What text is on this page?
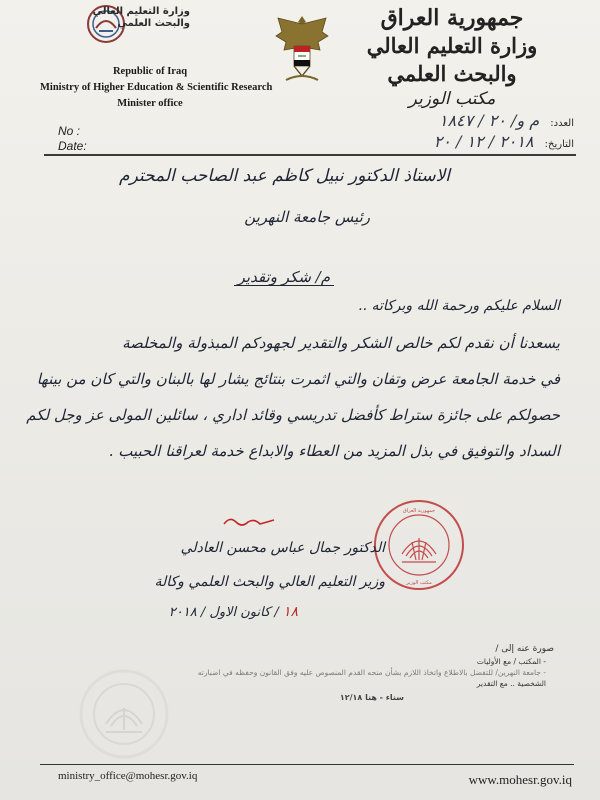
وزارة التعليم العالي
والبحث العلمي
Republic of Iraq
Ministry of Higher Education & Scientific Research
Minister office
جمهورية العراق
وزارة التعليم العالي والبحث العلمي
مكتب الوزير
No :
Date:
العدد: م و/ ٢٠ / ١٨٤٧
التاريخ: ٢٠١٨ / ١٢ / ٢٠
الاستاذ الدكتور نبيل كاظم عبد الصاحب المحترم
رئيس جامعة النهرين
م/ شكر وتقدير
السلام عليكم ورحمة الله وبركاته ..
يسعدنا أن نقدم لكم خالص الشكر والتقدير لجهودكم المبذولة والمخلصة
في خدمة الجامعة عرض وتفان والتي اثمرت بنتائج يشار لها بالبنان والتي كان من بينها
حصولكم على جائزة ستراط كأفضل تدريسي وقائد اداري ، سائلين المولى عز وجل لكم
السداد والتوفيق في بذل المزيد من العطاء والابداع خدمة لعراقنا الحبيب .
جمهورية العراق
مكتب الوزير
الدكتور جمال عباس محسن العادلي
وزير التعليم العالي والبحث العلمي وكالة
١٨ / كانون الاول / ٢٠١٨
صورة عنه إلى /
- المكتب / مع الأوليات
- جامعة النهرين/ للتفضل بالاطلاع واتخاذ اللازم بشأن منحه القدم المنصوص عليه وفق القانون وحفظه في اضبارته
الشخصية .. مع التقدير
سناء - هنا ١٢/١٨
ministry_office@mohesr.gov.iq	www.mohesr.gov.iq
